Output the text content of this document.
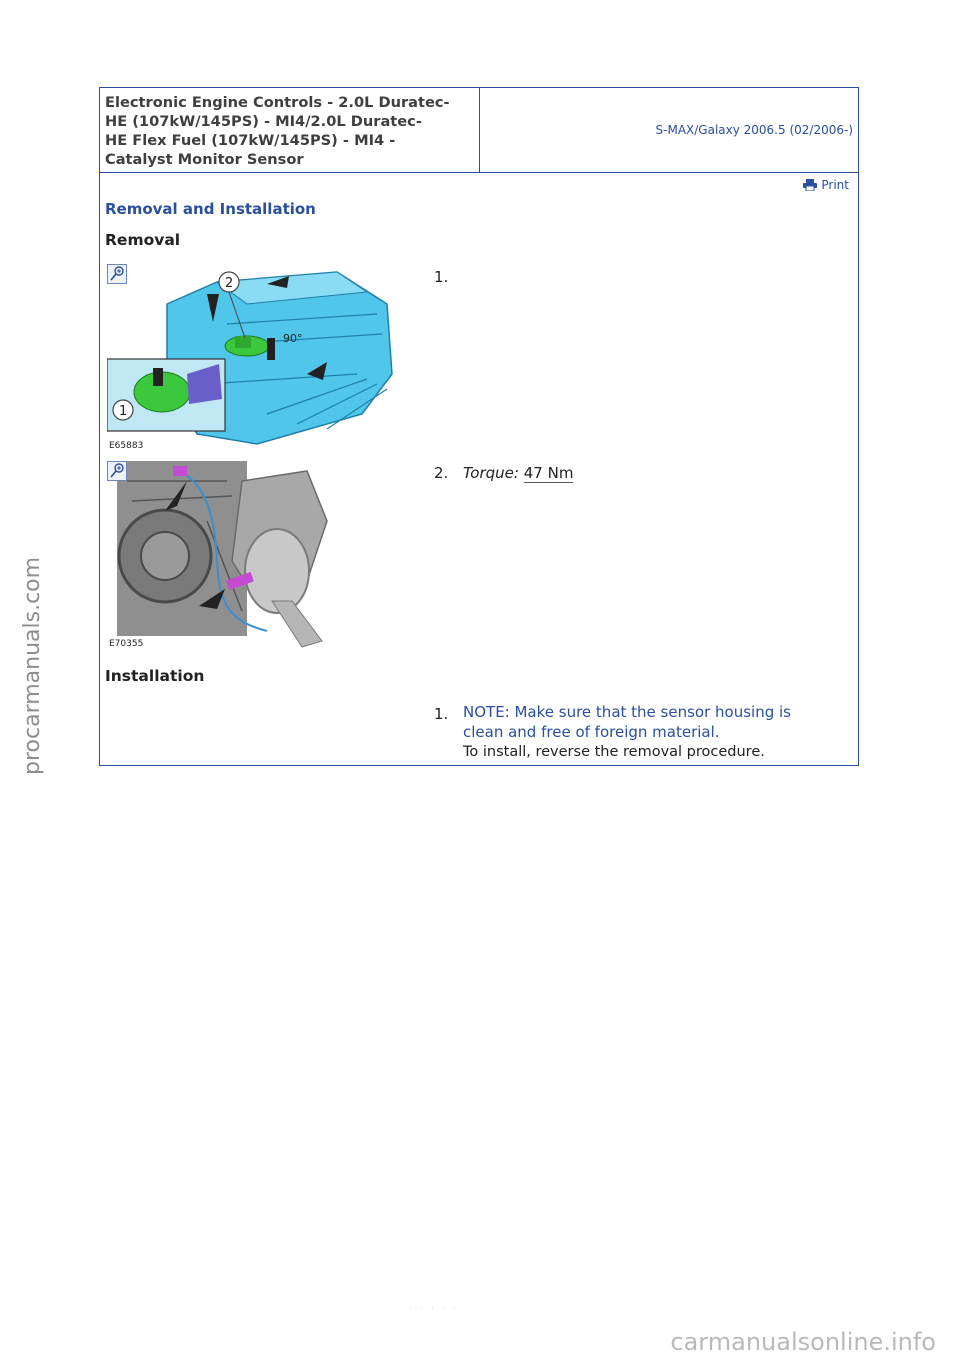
Electronic Engine Controls - 2.0L Duratec-
HE (107kW/145PS) - MI4/2.0L Duratec-
HE Flex Fuel (107kW/145PS) - MI4 -
Catalyst Monitor Sensor
S-MAX/Galaxy 2006.5 (02/2006-)
Print
Removal and Installation
Removal
2
90°
1
E65883
1.
E70355
2. Torque: 47 Nm
Installation
1. NOTE: Make sure that the sensor housing is
clean and free of foreign material.
To install, reverse the removal procedure.
procarmanuals.com
· · · · ·
carmanualsonline.info
